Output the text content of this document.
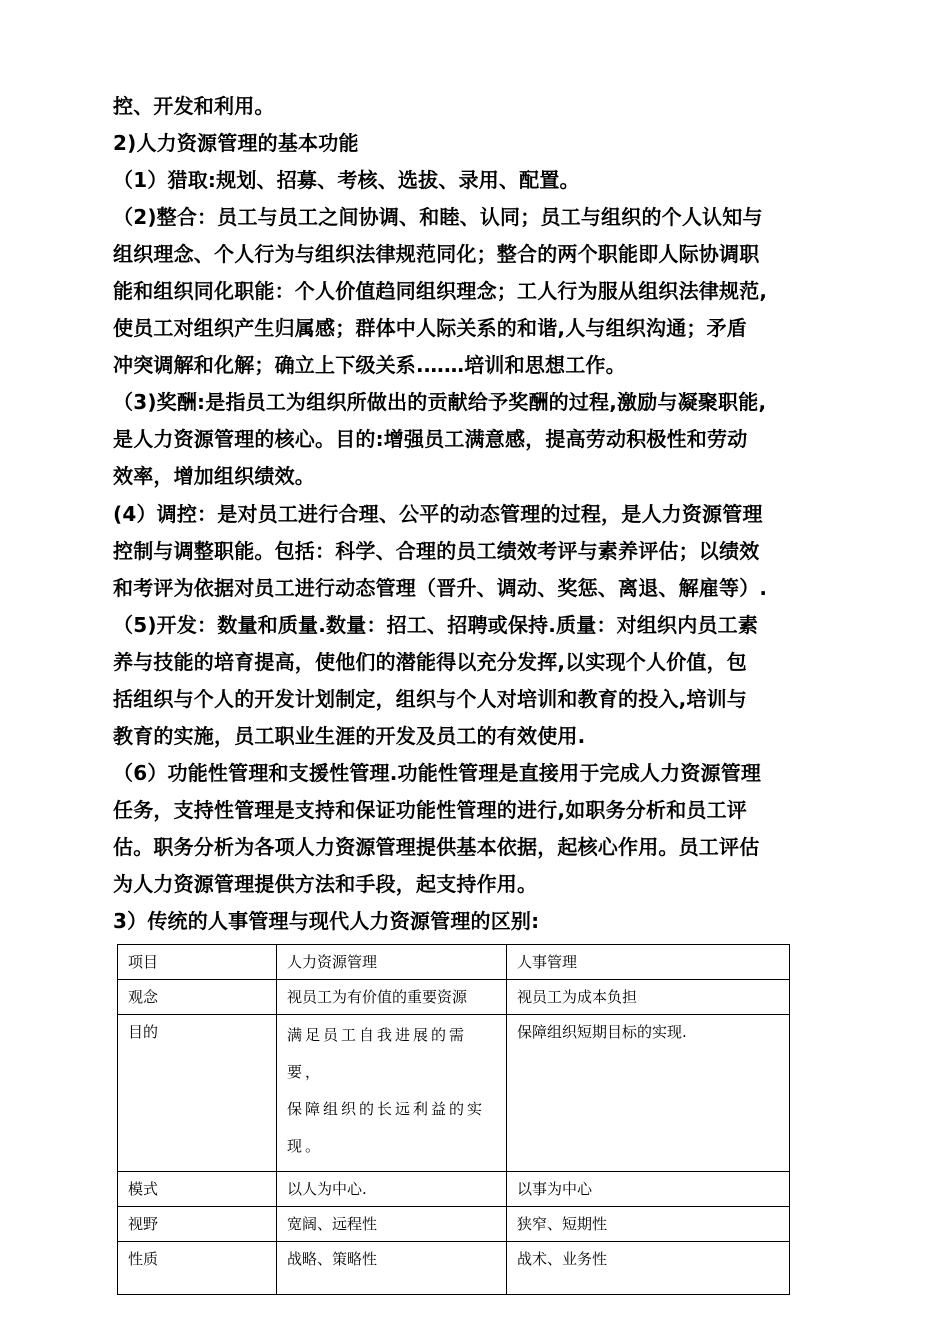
控、开发和利用。
2)人力资源管理的基本功能
（1）猎取:规划、招募、考核、选拔、录用、配置。
（2)整合：员工与员工之间协调、和睦、认同；员工与组织的个人认知与
组织理念、个人行为与组织法律规范同化；整合的两个职能即人际协调职
能和组织同化职能：个人价值趋同组织理念；工人行为服从组织法律规范,
使员工对组织产生归属感；群体中人际关系的和谐,人与组织沟通；矛盾
冲突调解和化解；确立上下级关系.……培训和思想工作。
（3)奖酬:是指员工为组织所做出的贡献给予奖酬的过程,激励与凝聚职能,
是人力资源管理的核心。目的:增强员工满意感，提高劳动积极性和劳动
效率，增加组织绩效。
(4）调控：是对员工进行合理、公平的动态管理的过程，是人力资源管理
控制与调整职能。包括：科学、合理的员工绩效考评与素养评估；以绩效
和考评为依据对员工进行动态管理（晋升、调动、奖惩、离退、解雇等）.
（5)开发：数量和质量.数量：招工、招聘或保持.质量：对组织内员工素
养与技能的培育提高，使他们的潜能得以充分发挥,以实现个人价值，包
括组织与个人的开发计划制定，组织与个人对培训和教育的投入,培训与
教育的实施，员工职业生涯的开发及员工的有效使用.
（6）功能性管理和支援性管理.功能性管理是直接用于完成人力资源管理
任务，支持性管理是支持和保证功能性管理的进行,如职务分析和员工评
估。职务分析为各项人力资源管理提供基本依据，起核心作用。员工评估
为人力资源管理提供方法和手段，起支持作用。
3）传统的人事管理与现代人力资源管理的区别:
项目	人力资源管理	人事管理
观念	视员工为有价值的重要资源	视员工为成本负担
目的	满足员工自我进展的需要，
保障组织的长远利益的实
现。	保障组织短期目标的实现.
模式	以人为中心.	以事为中心
视野	宽阔、远程性	狭窄、短期性
性质	战略、策略性	战术、业务性
